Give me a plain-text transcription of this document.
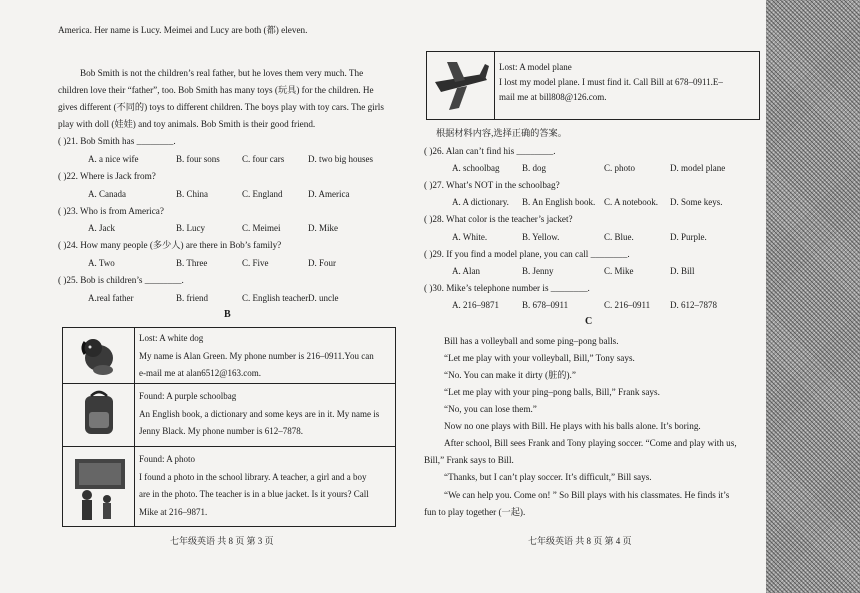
America. Her name is Lucy. Meimei and Lucy are both (都) eleven.
Bob Smith is not the children’s real father, but he loves them very much. The
children love their “father”, too. Bob Smith has many toys (玩具) for the children. He
gives different (不同的) toys to different children. The boys play with toy cars. The girls
play with doll (娃娃) and toy animals. Bob Smith is their good friend.
( )21. Bob Smith has ________.
A. a nice wife	B. four sons C. four cars	D. two big houses
( )22. Where is Jack from?
A. Canada	B. China	C. England	D. America
( )23. Who is from America?
A. Jack	B. Lucy	C. Meimei	D. Mike
( )24. How many people (多少人) are there in Bob’s family?
A. Two	B. Three	C. Five	D. Four
( )25. Bob is children’s ________.
A.real father	B. friend	C. English teacher D. uncle
B
Lost: A white dog
My name is Alan Green. My phone number is 216–0911.You can
e-mail me at alan6512@163.com.
Found: A purple schoolbag
An English book, a dictionary and some keys are in it. My name is
Jenny Black. My phone number is 612–7878.
Found: A photo
I found a photo in the school library. A teacher, a girl and a boy
are in the photo. The teacher is in a blue jacket. Is it yours? Call
Mike at 216–9871.
七年级英语 共 8 页 第 3 页
Lost: A model plane
I lost my model plane. I must find it. Call Bill at 678–0911.E–
mail me at bill808@126.com.
根据材料内容,选择正确的答案。
( )26. Alan can’t find his ________.
A. schoolbag	B. dog	C. photo	D. model plane
( )27. What’s NOT in the schoolbag?
A. A dictionary. B. An English book. C. A notebook. D. Some keys.
( )28. What color is the teacher’s jacket?
A. White.	B. Yellow.	C. Blue.	D. Purple.
( )29. If you find a model plane, you can call ________.
A. Alan	B. Jenny	C. Mike	D. Bill
( )30. Mike’s telephone number is ________.
A. 216–9871	B. 678–0911	C. 216–0911 D. 612–7878
C
Bill has a volleyball and some ping–pong balls.
“Let me play with your volleyball, Bill,” Tony says.
“No. You can make it dirty (脏的).”
“Let me play with your ping–pong balls, Bill,” Frank says.
“No, you can lose them.”
Now no one plays with Bill. He plays with his balls alone. It’s boring.
After school, Bill sees Frank and Tony playing soccer. “Come and play with us,
Bill,” Frank says to Bill.
“Thanks, but I can’t play soccer. It’s difficult,” Bill says.
“We can help you. Come on! ” So Bill plays with his classmates. He finds it’s
fun to play together (一起).
七年级英语 共 8 页 第 4 页
